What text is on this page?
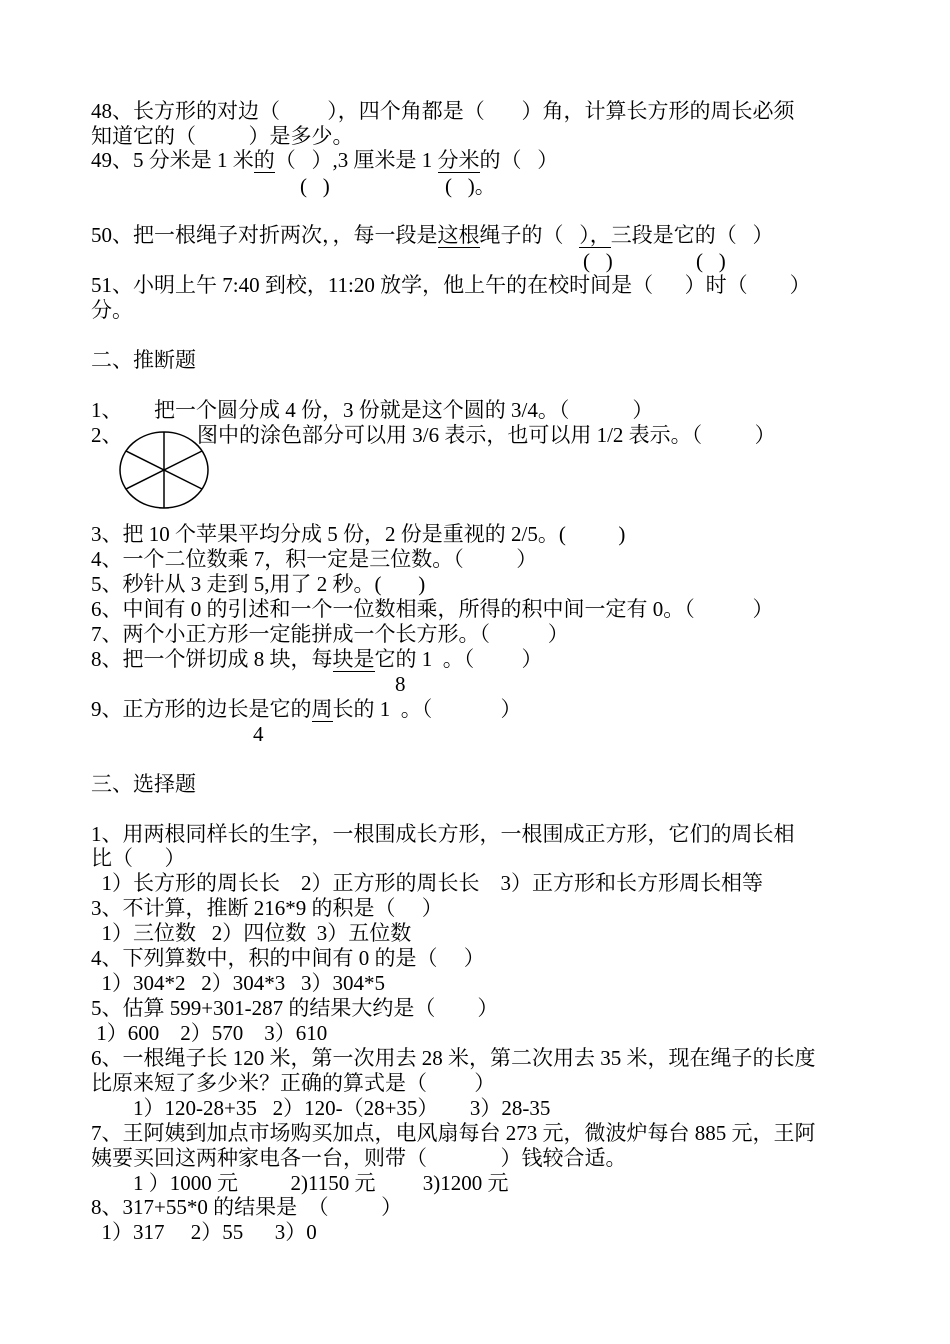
48、长方形的对边（         ），四个角都是（       ）角，计算长方形的周长必须
知道它的（          ）是多少。
49、5 分米是 1 米的（   ）,3 厘米是 1 分米的（   ）
(   )	(   )。
50、把一根绳子对折两次，，每一段是这根绳子的（   ），三段是它的（   ）
(   )	(   )
51、小明上午 7:40 到校，11:20 放学，他上午的在校时间是（      ）时（        ）
分。
二、推断题
1、      把一个圆分成 4 份，3 份就是这个圆的 3/4。（            ）
2、	图中的涂色部分可以用 3/6 表示，也可以用 1/2 表示。（          ）
3、把 10 个苹果平均分成 5 份，2 份是重视的 2/5。(          )
4、一个二位数乘 7，积一定是三位数。（          ）
5、秒针从 3 走到 5,用了 2 秒。(       )
6、中间有 0 的引述和一个一位数相乘，所得的积中间一定有 0。（           ）
7、两个小正方形一定能拼成一个长方形。（           ）
8、把一个饼切成 8 块，每块是它的 1  。（         ）
8
9、正方形的边长是它的周长的 1  。（             ）
4
三、选择题
1、用两根同样长的生字，一根围成长方形，一根围成正方形，它们的周长相
比（      ）
1）长方形的周长长    2）正方形的周长长    3）正方形和长方形周长相等
3、不计算，推断 216*9 的积是（     ）
1）三位数   2）四位数  3）五位数
4、下列算数中，积的中间有 0 的是（     ）
1）304*2   2）304*3   3）304*5
5、估算 599+301-287 的结果大约是（        ）
1）600    2）570    3）610
6、一根绳子长 120 米，第一次用去 28 米，第二次用去 35 米，现在绳子的长度
比原来短了多少米？正确的算式是（         ）
1）120-28+35   2）120-（28+35）      3）28-35
7、王阿姨到加点市场购买加点，电风扇每台 273 元，微波炉每台 885 元，王阿
姨要买回这两种家电各一台，则带（              ）钱较合适。
1 ）1000 元          2)1150 元         3)1200 元
8、317+55*0 的结果是  （          ）
1）317     2）55      3）0
